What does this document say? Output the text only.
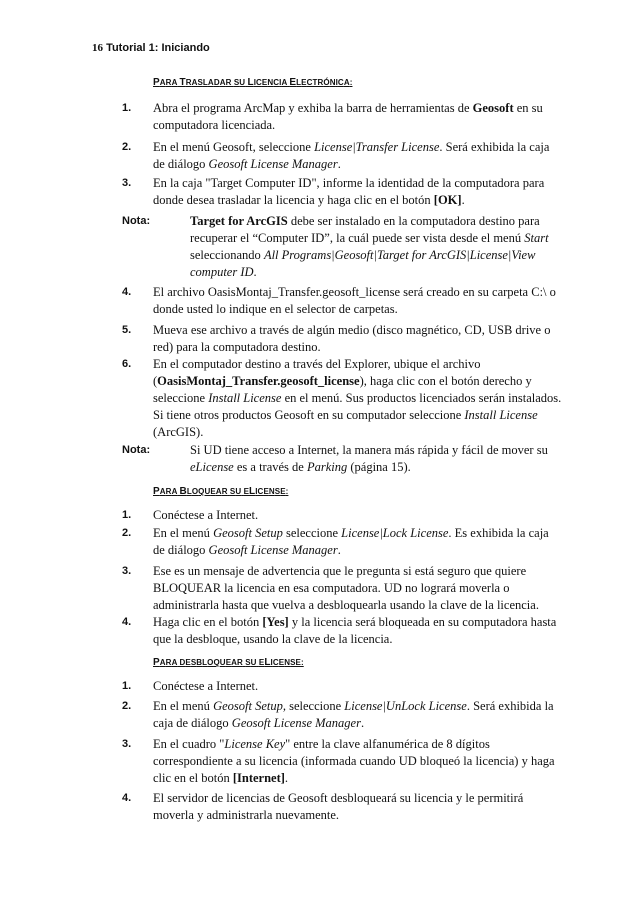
16 Tutorial 1: Iniciando
PARA TRASLADAR SU LICENCIA ELECTRÓNICA:
1. Abra el programa ArcMap y exhiba la barra de herramientas de Geosoft en su computadora licenciada.
2. En el menú Geosoft, seleccione License|Transfer License. Será exhibida la caja de diálogo Geosoft License Manager.
3. En la caja "Target Computer ID", informe la identidad de la computadora para donde desea trasladar la licencia y haga clic en el botón [OK].
Nota:	Target for ArcGIS debe ser instalado en la computadora destino para recuperar el “Computer ID”, la cuál puede ser vista desde el menú Start seleccionando All Programs|Geosoft|Target for ArcGIS|License|View computer ID.
4. El archivo OasisMontaj_Transfer.geosoft_license será creado en su carpeta C:\ o donde usted lo indique en el selector de carpetas.
5. Mueva ese archivo a través de algún medio (disco magnético, CD, USB drive o red) para la computadora destino.
6. En el computador destino a través del Explorer, ubique el archivo (OasisMontaj_Transfer.geosoft_license), haga clic con el botón derecho y seleccione Install License en el menú. Sus productos licenciados serán instalados. Si tiene otros productos Geosoft en su computador seleccione Install License (ArcGIS).
Nota:	Si UD tiene acceso a Internet, la manera más rápida y fácil de mover su eLicense es a través de Parking (página 15).
PARA BLOQUEAR SU ELICENSE:
1. Conéctese a Internet.
2. En el menú Geosoft Setup seleccione License|Lock License. Es exhibida la caja de diálogo Geosoft License Manager.
3. Ese es un mensaje de advertencia que le pregunta si está seguro que quiere BLOQUEAR la licencia en esa computadora. UD no logrará moverla o administrarla hasta que vuelva a desbloquearla usando la clave de la licencia.
4. Haga clic en el botón [Yes] y la licencia será bloqueada en su computadora hasta que la desbloque, usando la clave de la licencia.
PARA DESBLOQUEAR SU ELICENSE:
1. Conéctese a Internet.
2. En el menú Geosoft Setup, seleccione License|UnLock License. Será exhibida la caja de diálogo Geosoft License Manager.
3. En el cuadro "License Key" entre la clave alfanumérica de 8 dígitos correspondiente a su licencia (informada cuando UD bloqueó la licencia) y haga clic en el botón [Internet].
4. El servidor de licencias de Geosoft desbloqueará su licencia y le permitirá moverla y administrarla nuevamente.
